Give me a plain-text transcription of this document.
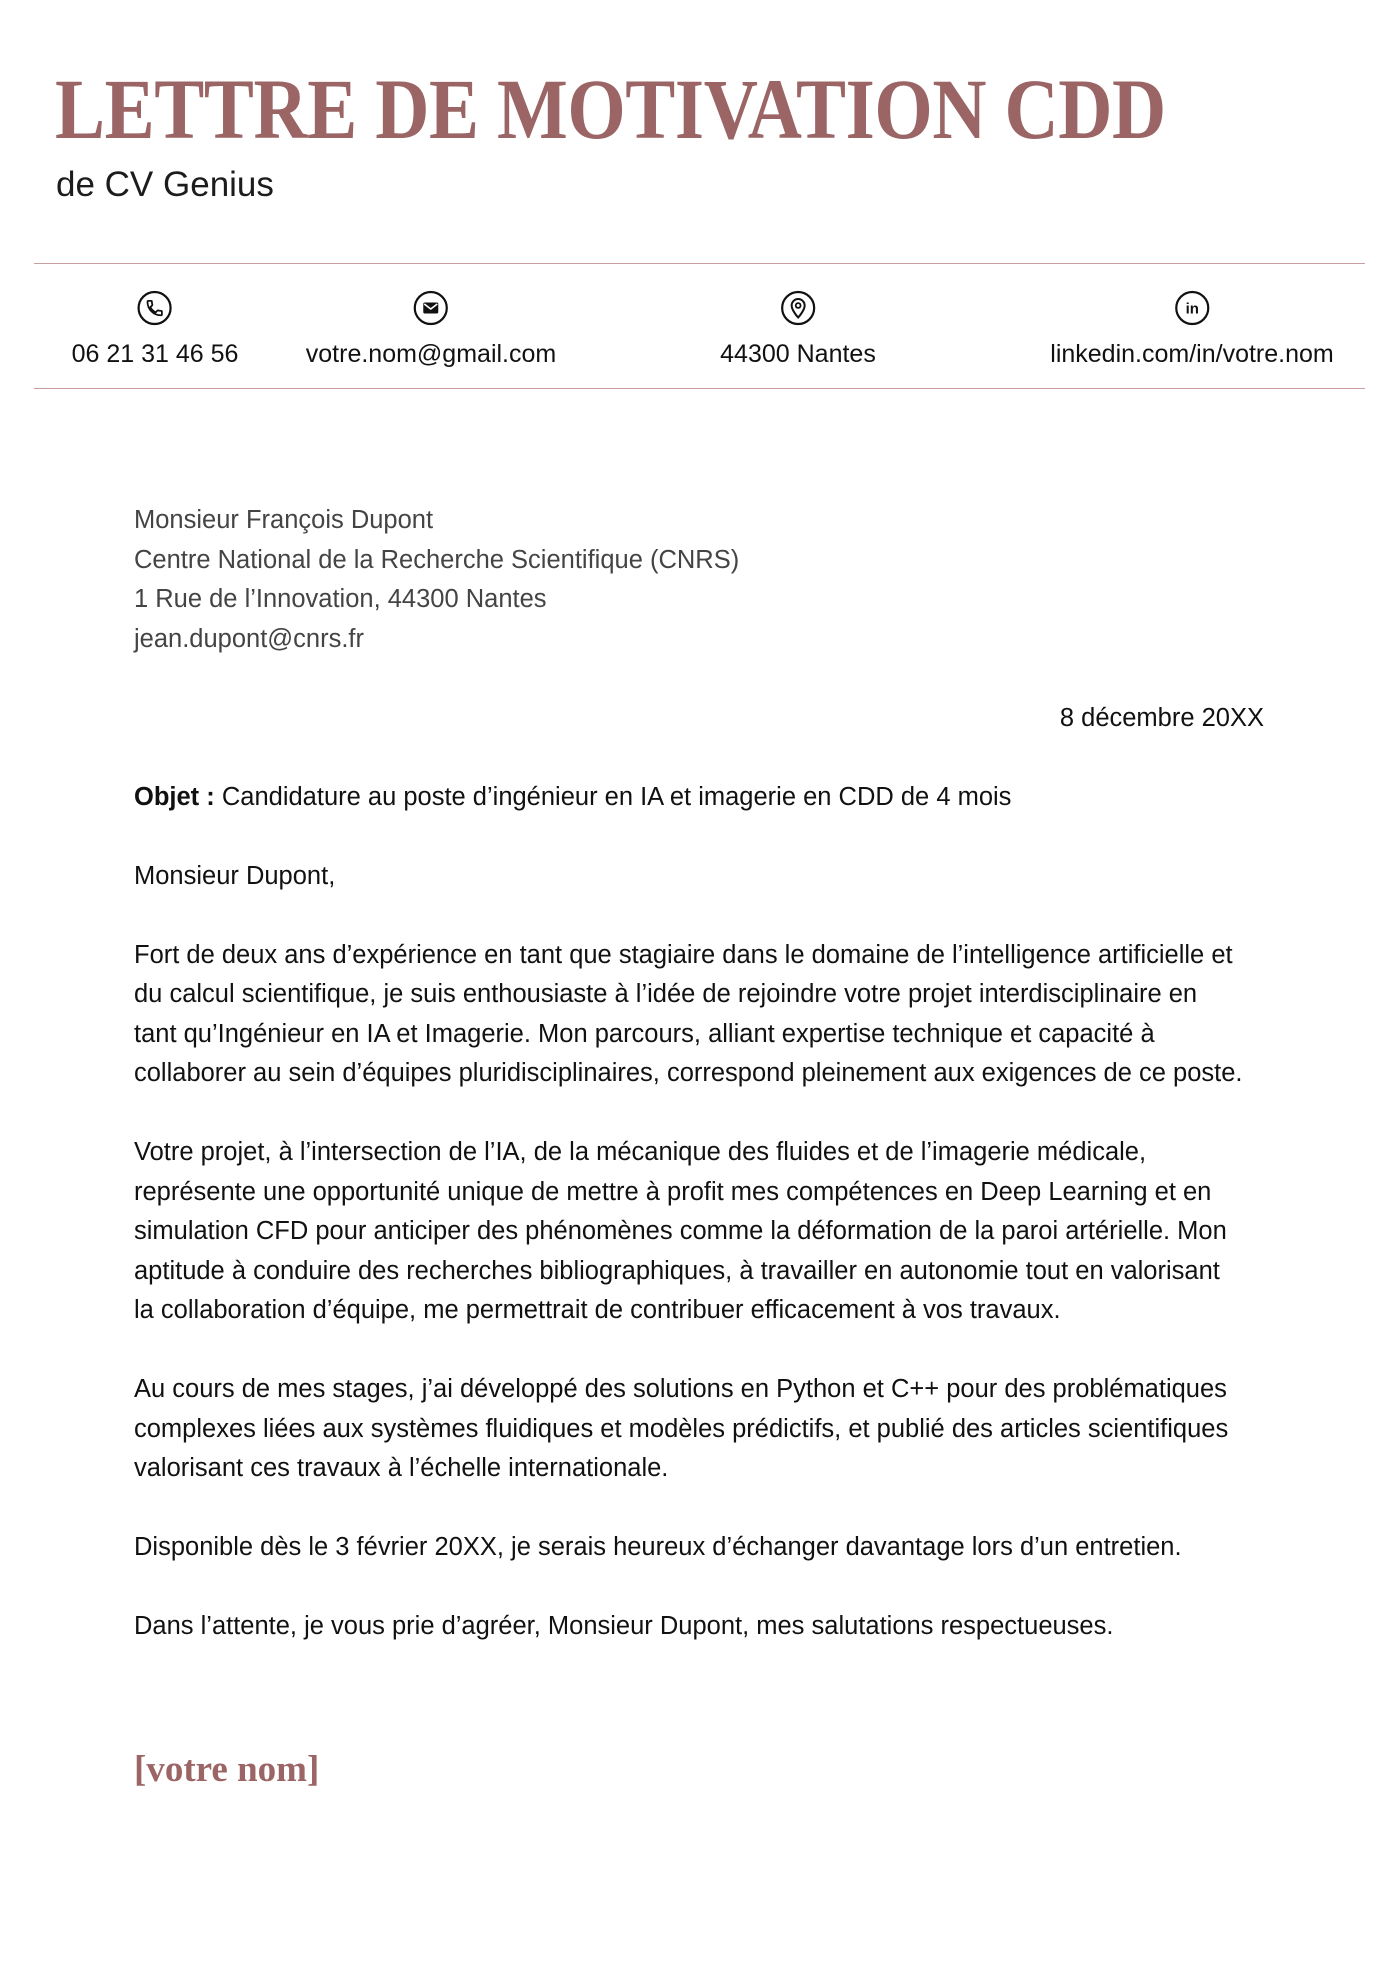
LETTRE DE MOTIVATION CDD
de CV Genius
06 21 31 46 56	votre.nom@gmail.com	44300 Nantes
in
linkedin.com/in/votre.nom
Monsieur François Dupont
Centre National de la Recherche Scientifique (CNRS)
1 Rue de l’Innovation, 44300 Nantes
jean.dupont@cnrs.fr
8 décembre 20XX
Objet : Candidature au poste d’ingénieur en IA et imagerie en CDD de 4 mois
Monsieur Dupont,
Fort de deux ans d’expérience en tant que stagiaire dans le domaine de l’intelligence artificielle et
du calcul scientifique, je suis enthousiaste à l’idée de rejoindre votre projet interdisciplinaire en
tant qu’Ingénieur en IA et Imagerie. Mon parcours, alliant expertise technique et capacité à
collaborer au sein d’équipes pluridisciplinaires, correspond pleinement aux exigences de ce poste.
Votre projet, à l’intersection de l’IA, de la mécanique des fluides et de l’imagerie médicale,
représente une opportunité unique de mettre à profit mes compétences en Deep Learning et en
simulation CFD pour anticiper des phénomènes comme la déformation de la paroi artérielle. Mon
aptitude à conduire des recherches bibliographiques, à travailler en autonomie tout en valorisant
la collaboration d’équipe, me permettrait de contribuer efficacement à vos travaux.
Au cours de mes stages, j’ai développé des solutions en Python et C++ pour des problématiques
complexes liées aux systèmes fluidiques et modèles prédictifs, et publié des articles scientifiques
valorisant ces travaux à l’échelle internationale.
Disponible dès le 3 février 20XX, je serais heureux d’échanger davantage lors d’un entretien.
Dans l’attente, je vous prie d’agréer, Monsieur Dupont, mes salutations respectueuses.
[votre nom]
